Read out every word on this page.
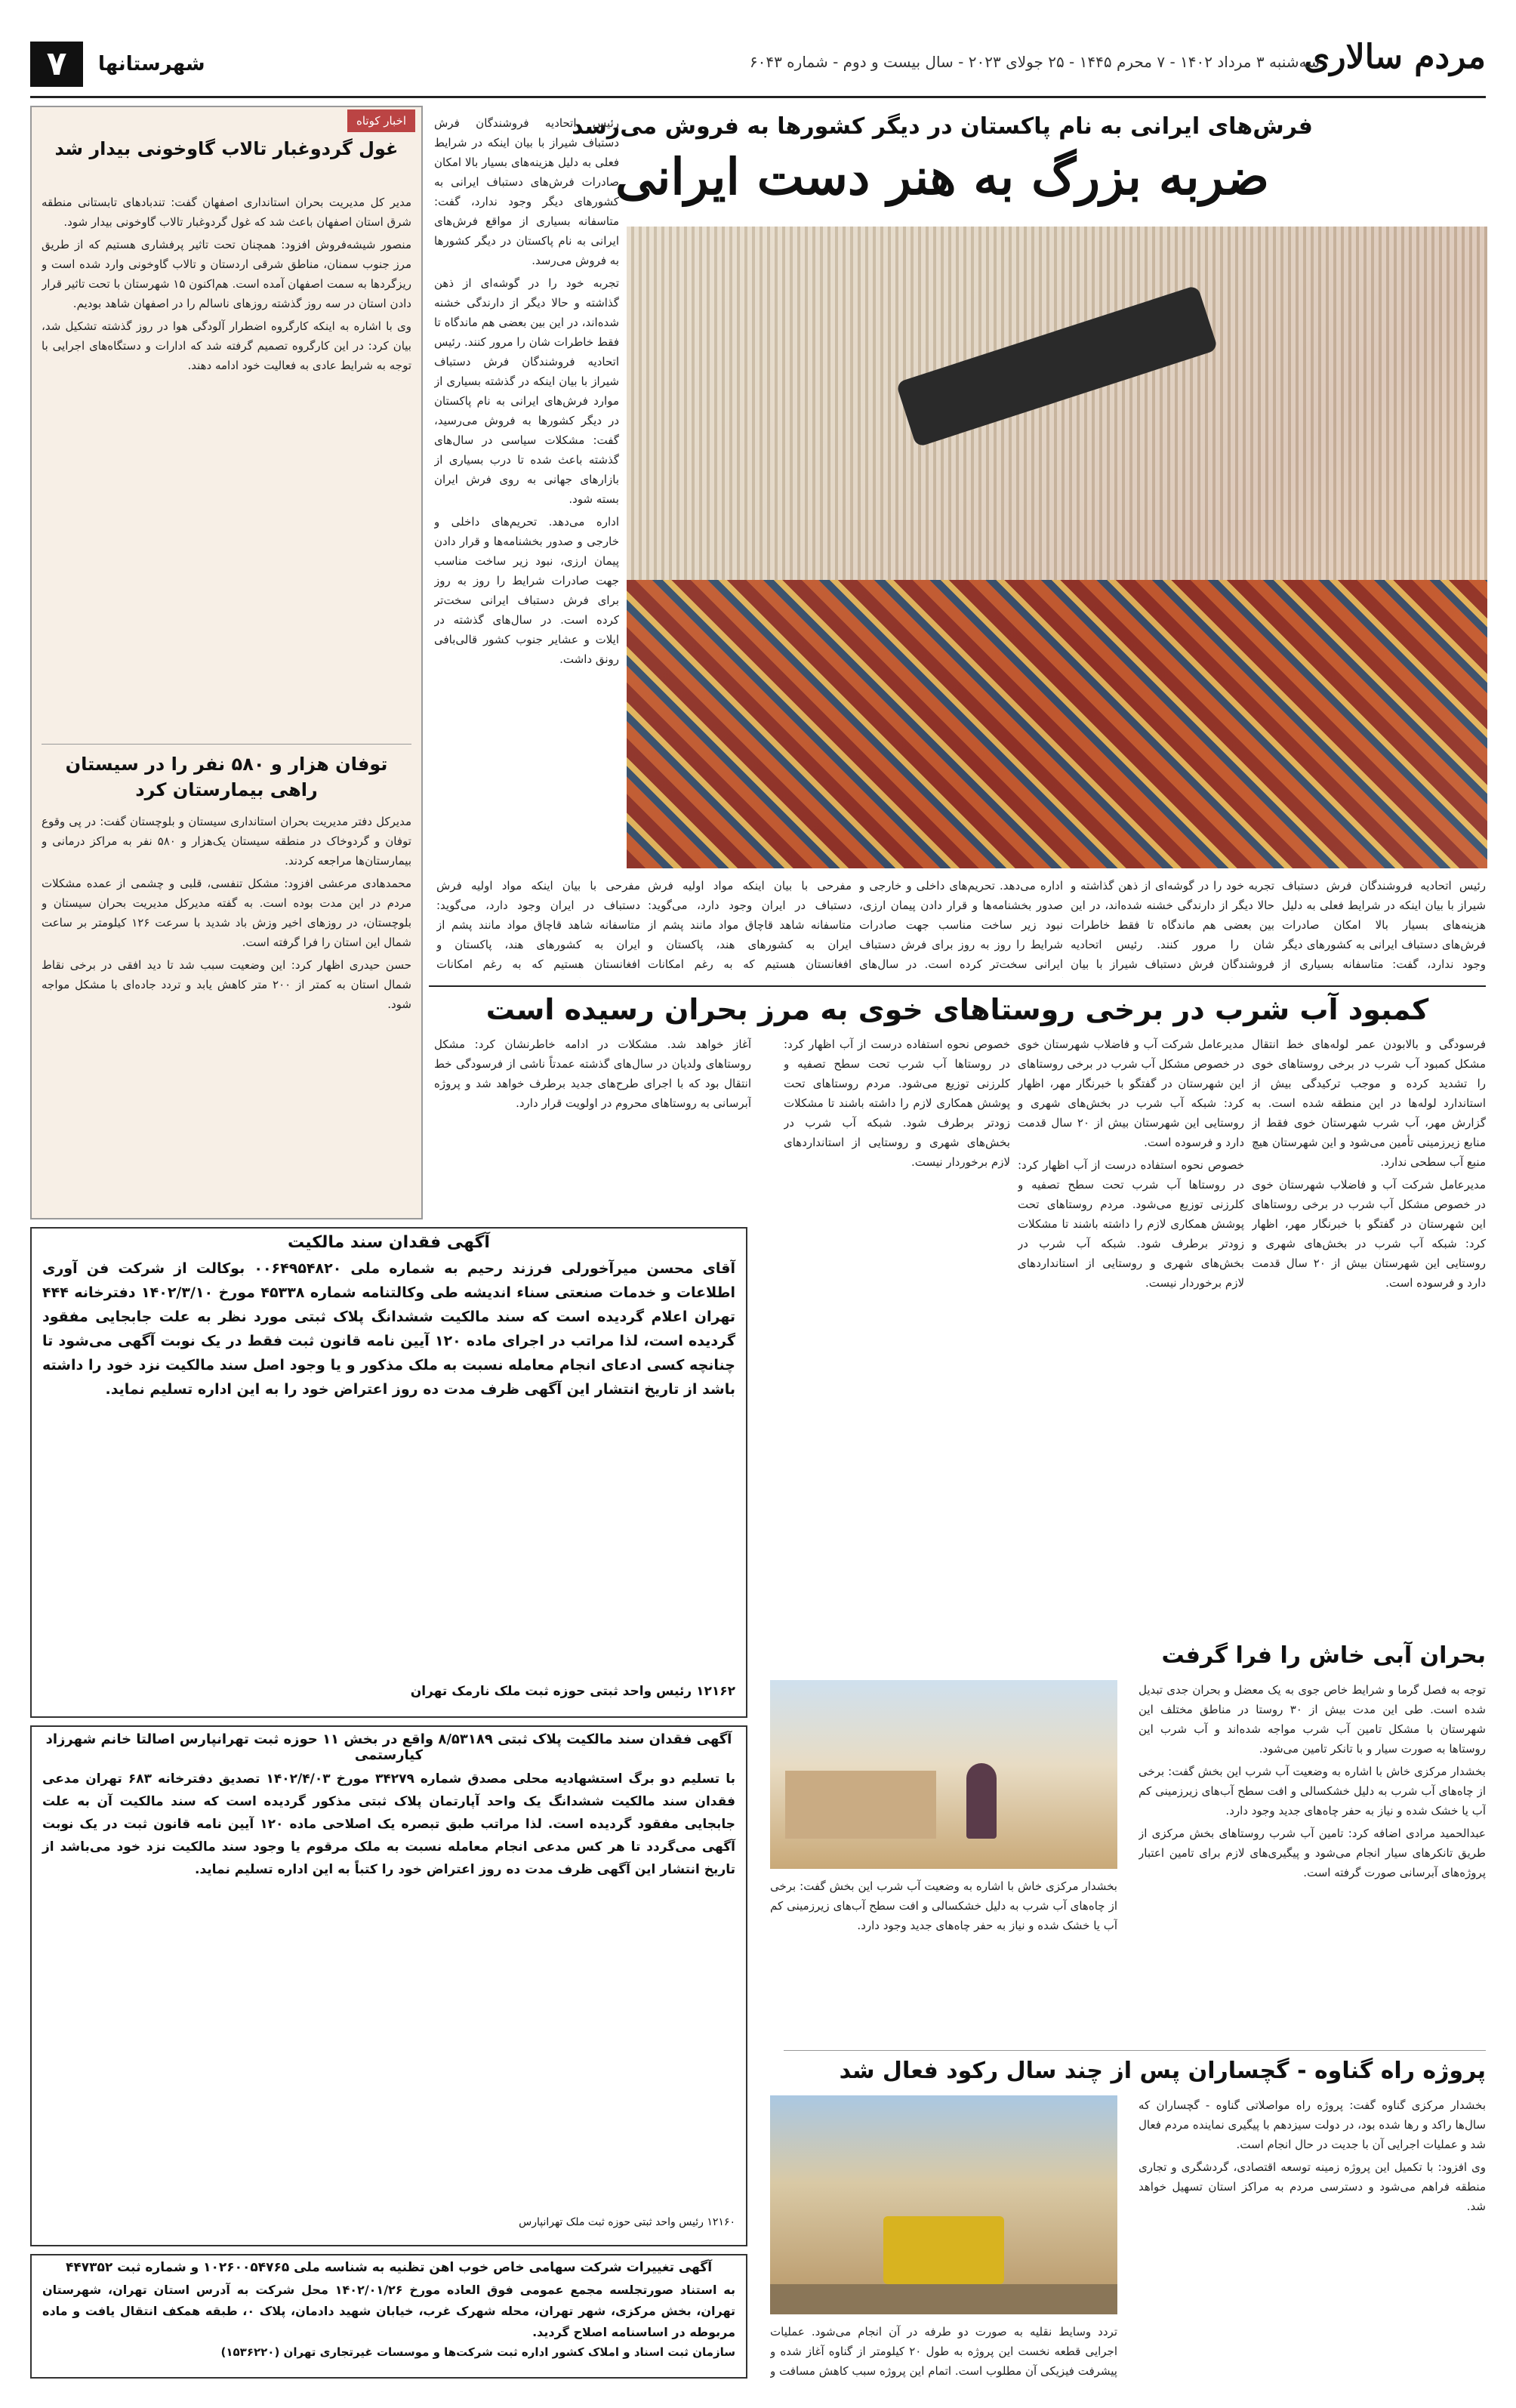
مردم سالاری
سه‌شنبه ۳ مرداد ۱۴۰۲ - ۷ محرم ۱۴۴۵ - ۲۵ جولای ۲۰۲۳ - سال بیست و دوم - شماره ۶۰۴۳
شهرستانها
۷
فرش‌های ایرانی به نام پاکستان در دیگر کشورها به فروش می‌رسد
ضربه بزرگ به هنر دست ایرانی

رئیس اتحادیه فروشندگان فرش دستباف شیراز با بیان اینکه در شرایط فعلی به دلیل هزینه‌های بسیار بالا امکان صادرات فرش‌های دستباف ایرانی به کشورهای دیگر وجود ندارد، گفت: متاسفانه بسیاری از مواقع فرش‌های ایرانی به نام پاکستان در دیگر کشورها به فروش می‌رسد.

تجربه خود را در گوشه‌ای از ذهن گذاشته و حالا دیگر از دارندگی خشنه شده‌اند، در این بین بعضی هم ماندگاه تا فقط خاطرات شان را مرور کنند. رئیس اتحادیه فروشندگان فرش دستباف شیراز با بیان اینکه در گذشته بسیاری از موارد فرش‌های ایرانی به نام پاکستان در دیگر کشورها به فروش می‌رسید، گفت: مشکلات سیاسی در سال‌های گذشته باعث شده تا درب بسیاری از بازارهای جهانی به روی فرش ایران بسته شود.

اداره می‌دهد. تحریم‌های داخلی و خارجی و صدور بخشنامه‌ها و قرار دادن پیمان ارزی، نبود زیر ساخت مناسب جهت صادرات شرایط را روز به روز برای فرش دستباف ایرانی سخت‌تر کرده است. در سال‌های گذشته در ایلات و عشایر جنوب کشور قالی‌بافی رونق داشت.

رئیس اتحادیه فروشندگان فرش دستباف شیراز با بیان اینکه در شرایط فعلی به دلیل هزینه‌های بسیار بالا امکان صادرات فرش‌های دستباف ایرانی به کشورهای دیگر وجود ندارد، گفت: متاسفانه بسیاری از

تجربه خود را در گوشه‌ای از ذهن گذاشته و حالا دیگر از دارندگی خشنه شده‌اند، در این بین بعضی هم ماندگاه تا فقط خاطرات شان را مرور کنند. رئیس اتحادیه فروشندگان فرش دستباف شیراز با بیان

اداره می‌دهد. تحریم‌های داخلی و خارجی و صدور بخشنامه‌ها و قرار دادن پیمان ارزی، نبود زیر ساخت مناسب جهت صادرات شرایط را روز به روز برای فرش دستباف ایرانی سخت‌تر کرده است. در سال‌های

مفرحی با بیان اینکه مواد اولیه فرش دستباف در ایران وجود دارد، می‌گوید: متاسفانه شاهد قاچاق مواد مانند پشم از ایران به کشورهای هند، پاکستان و افغانستان هستیم که به رغم امکانات

مفرحی با بیان اینکه مواد اولیه فرش دستباف در ایران وجود دارد، می‌گوید: متاسفانه شاهد قاچاق مواد مانند پشم از ایران به کشورهای هند، پاکستان و افغانستان هستیم که به رغم امکانات

اخبار کوتاه
غول گردوغبار تالاب گاوخونی بیدار شد

مدیر کل مدیریت بحران استانداری اصفهان گفت: تندبادهای تابستانی منطقه شرق استان اصفهان باعث شد که غول گردوغبار تالاب گاوخونی بیدار شود.

منصور شیشه‌فروش افزود: همچنان تحت تاثیر پرفشاری هستیم که از طریق مرز جنوب سمنان، مناطق شرقی اردستان و تالاب گاوخونی وارد شده است و ریزگردها به سمت اصفهان آمده است. هم‌اکنون ۱۵ شهرستان با تحت تاثیر قرار دادن استان در سه روز گذشته روزهای ناسالم را در اصفهان شاهد بودیم.

وی با اشاره به اینکه کارگروه اضطرار آلودگی هوا در روز گذشته تشکیل شد، بیان کرد: در این کارگروه تصمیم گرفته شد که ادارات و دستگاه‌های اجرایی با توجه به شرایط عادی به فعالیت خود ادامه دهند.

توفان هزار و ۵۸۰ نفر را در سیستان راهی بیمارستان کرد

مدیرکل دفتر مدیریت بحران استانداری سیستان و بلوچستان گفت: در پی وقوع توفان و گردوخاک در منطقه سیستان یک‌هزار و ۵۸۰ نفر به مراکز درمانی و بیمارستان‌ها مراجعه کردند.

محمدهادی مرعشی افزود: مشکل تنفسی، قلبی و چشمی از عمده مشکلات مردم در این مدت بوده است. به گفته مدیرکل مدیریت بحران سیستان و بلوچستان، در روزهای اخیر وزش باد شدید با سرعت ۱۲۶ کیلومتر بر ساعت شمال این استان را فرا گرفته است.

حسن حیدری اظهار کرد: این وضعیت سبب شد تا دید افقی در برخی نقاط شمال استان به کمتر از ۲۰۰ متر کاهش یابد و تردد جاده‌ای با مشکل مواجه شود.	کمبود آب شرب در برخی روستاهای خوی به مرز بحران رسیده است

فرسودگی و بالابودن عمر لوله‌های خط انتقال مشکل کمبود آب شرب در برخی روستاهای خوی را تشدید کرده و موجب ترکیدگی بیش از استاندارد لوله‌ها در این منطقه شده است. به گزارش مهر، آب شرب شهرستان خوی فقط از منابع زیرزمینی تأمین می‌شود و این شهرستان هیچ منبع آب سطحی ندارد.

مدیرعامل شرکت آب و فاضلاب شهرستان خوی در خصوص مشکل آب شرب در برخی روستاهای این شهرستان در گفتگو با خبرنگار مهر، اظهار کرد: شبکه آب شرب در بخش‌های شهری و روستایی این شهرستان بیش از ۲۰ سال قدمت دارد و فرسوده است.

مدیرعامل شرکت آب و فاضلاب شهرستان خوی در خصوص مشکل آب شرب در برخی روستاهای این شهرستان در گفتگو با خبرنگار مهر، اظهار کرد: شبکه آب شرب در بخش‌های شهری و روستایی این شهرستان بیش از ۲۰ سال قدمت دارد و فرسوده است.

خصوص نحوه استفاده درست از آب اظهار کرد: در روستاها آب شرب تحت سطح تصفیه و کلرزنی توزیع می‌شود. مردم روستاهای تحت پوشش همکاری لازم را داشته باشند تا مشکلات زودتر برطرف شود. شبکه آب شرب در بخش‌های شهری و روستایی از استانداردهای لازم برخوردار نیست.

خصوص نحوه استفاده درست از آب اظهار کرد: در روستاها آب شرب تحت سطح تصفیه و کلرزنی توزیع می‌شود. مردم روستاهای تحت پوشش همکاری لازم را داشته باشند تا مشکلات زودتر برطرف شود. شبکه آب شرب در بخش‌های شهری و روستایی از استانداردهای لازم برخوردار نیست.

آغاز خواهد شد. مشکلات در ادامه خاطرنشان کرد: مشکل روستاهای ولدیان در سال‌های گذشته عمدتاً ناشی از فرسودگی خط انتقال بود که با اجرای طرح‌های جدید برطرف خواهد شد و پروژه آبرسانی به روستاهای محروم در اولویت قرار دارد.

آگهی فقدان سند مالکیت
آقای محسن میرآخورلی فرزند رحیم به شماره ملی ۰۰۶۴۹۵۴۸۲۰ بوکالت از شرکت فن آوری اطلاعات و خدمات صنعتی سناء اندیشه طی وکالتنامه شماره ۴۵۳۳۸ مورخ ۱۴۰۲/۳/۱۰ دفترخانه ۴۴۴ تهران اعلام گردیده است که سند مالکیت ششدانگ پلاک ثبتی مورد نظر به علت جابجایی مفقود گردیده است، لذا مراتب در اجرای ماده ۱۲۰ آیین نامه قانون ثبت فقط در یک نوبت آگهی می‌شود تا چنانچه کسی ادعای انجام معامله نسبت به ملک مذکور و یا وجود اصل سند مالکیت نزد خود را داشته باشد از تاریخ انتشار این آگهی ظرف مدت ده روز اعتراض خود را به این اداره تسلیم نماید.
۱۲۱۶۲ رئیس واحد ثبتی حوزه ثبت ملک نارمک تهران
آگهی فقدان سند مالکیت پلاک ثبتی ۸/۵۳۱۸۹ واقع در بخش ۱۱ حوزه ثبت تهرانپارس اصالتا خانم شهرزاد کیارستمی
با تسلیم دو برگ استشهادیه محلی مصدق شماره ۳۴۲۷۹ مورخ ۱۴۰۲/۴/۰۳ تصدیق دفترخانه ۶۸۳ تهران مدعی فقدان سند مالکیت ششدانگ یک واحد آپارتمان پلاک ثبتی مذکور گردیده است که سند مالکیت آن به علت جابجایی مفقود گردیده است. لذا مراتب طبق تبصره یک اصلاحی ماده ۱۲۰ آیین نامه قانون ثبت در یک نوبت آگهی می‌گردد تا هر کس مدعی انجام معامله نسبت به ملک مرقوم یا وجود سند مالکیت نزد خود می‌باشد از تاریخ انتشار این آگهی ظرف مدت ده روز اعتراض خود را کتباً به این اداره تسلیم نماید.
۱۲۱۶۰ رئیس واحد ثبتی حوزه ثبت ملک تهرانپارس
آگهی تغییرات شرکت سهامی خاص خوب اهن تظنیه به شناسه ملی ۱۰۲۶۰۰۵۴۷۶۵ و شماره ثبت ۴۴۷۳۵۲
به استناد صورتجلسه مجمع عمومی فوق العاده مورخ ۱۴۰۲/۰۱/۲۶ محل شرکت به آدرس استان تهران، شهرستان تهران، بخش مرکزی، شهر تهران، محله شهرک غرب، خیابان شهید دادمان، پلاک ۰، طبقه همکف انتقال یافت و ماده مربوطه در اساسنامه اصلاح گردید.
سازمان ثبت اسناد و املاک کشور اداره ثبت شرکت‌ها و موسسات غیرتجاری تهران (۱۵۳۶۲۲۰)
بحران آبی خاش را فرا گرفت

توجه به فصل گرما و شرایط خاص جوی به یک معضل و بحران جدی تبدیل شده است. طی این مدت بیش از ۳۰ روستا در مناطق مختلف این شهرستان با مشکل تامین آب شرب مواجه شده‌اند و آب شرب این روستاها به صورت سیار و با تانکر تامین می‌شود.

بخشدار مرکزی خاش با اشاره به وضعیت آب شرب این بخش گفت: برخی از چاه‌های آب شرب به دلیل خشکسالی و افت سطح آب‌های زیرزمینی کم آب یا خشک شده و نیاز به حفر چاه‌های جدید وجود دارد.

عبدالحمید مرادی اضافه کرد: تامین آب شرب روستاهای بخش مرکزی از طریق تانکرهای سیار انجام می‌شود و پیگیری‌های لازم برای تامین اعتبار پروژه‌های آبرسانی صورت گرفته است.

بخشدار مرکزی خاش با اشاره به وضعیت آب شرب این بخش گفت: برخی از چاه‌های آب شرب به دلیل خشکسالی و افت سطح آب‌های زیرزمینی کم آب یا خشک شده و نیاز به حفر چاه‌های جدید وجود دارد.

پروژه راه گناوه - گچساران پس از چند سال رکود فعال شد

بخشدار مرکزی گناوه گفت: پروژه راه مواصلاتی گناوه - گچساران که سال‌ها راکد و رها شده بود، در دولت سیزدهم با پیگیری نماینده مردم فعال شد و عملیات اجرایی آن با جدیت در حال انجام است.

وی افزود: با تکمیل این پروژه زمینه توسعه اقتصادی، گردشگری و تجاری منطقه فراهم می‌شود و دسترسی مردم به مراکز استان تسهیل خواهد شد.

تردد وسایط نقلیه به صورت دو طرفه در آن انجام می‌شود. عملیات اجرایی قطعه نخست این پروژه به طول ۲۰ کیلومتر از گناوه آغاز شده و پیشرفت فیزیکی آن مطلوب است. اتمام این پروژه سبب کاهش مسافت و
